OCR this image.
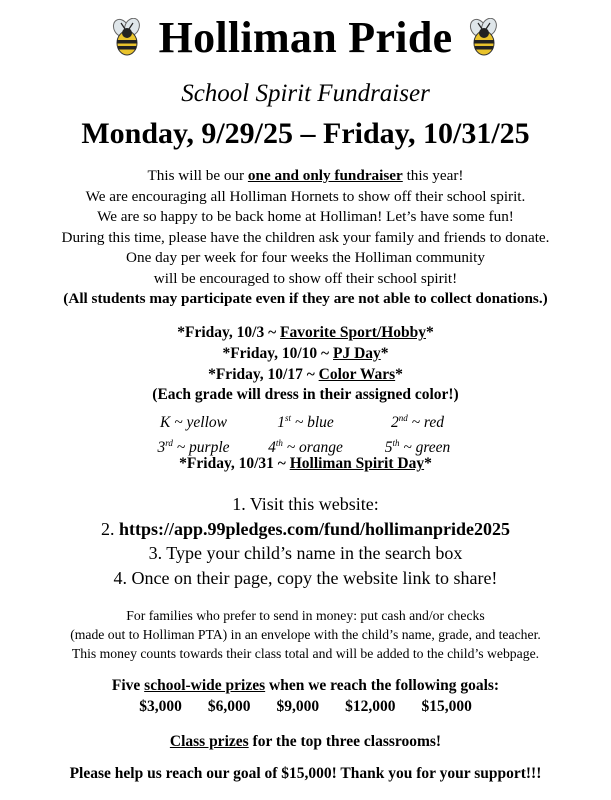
Holliman Pride
School Spirit Fundraiser
Monday, 9/29/25 – Friday, 10/31/25
This will be our one and only fundraiser this year!
We are encouraging all Holliman Hornets to show off their school spirit.
We are so happy to be back home at Holliman! Let’s have some fun!
During this time, please have the children ask your family and friends to donate.
One day per week for four weeks the Holliman community
will be encouraged to show off their school spirit!
(All students may participate even if they are not able to collect donations.)
*Friday, 10/3 ~ Favorite Sport/Hobby*
*Friday, 10/10 ~ PJ Day*
*Friday, 10/17 ~ Color Wars*
(Each grade will dress in their assigned color!)
K ~ yellow	1st ~ blue	2nd ~ red
3rd ~ purple	4th ~ orange	5th ~ green
*Friday, 10/31 ~ Holliman Spirit Day*
1. Visit this website:
2. https://app.99pledges.com/fund/hollimanpride2025
3. Type your child’s name in the search box
4. Once on their page, copy the website link to share!
For families who prefer to send in money: put cash and/or checks
(made out to Holliman PTA) in an envelope with the child’s name, grade, and teacher.
This money counts towards their class total and will be added to the child’s webpage.
Five school-wide prizes when we reach the following goals:
$3,000 $6,000 $9,000 $12,000 $15,000
Class prizes for the top three classrooms!
Please help us reach our goal of $15,000! Thank you for your support!!!
